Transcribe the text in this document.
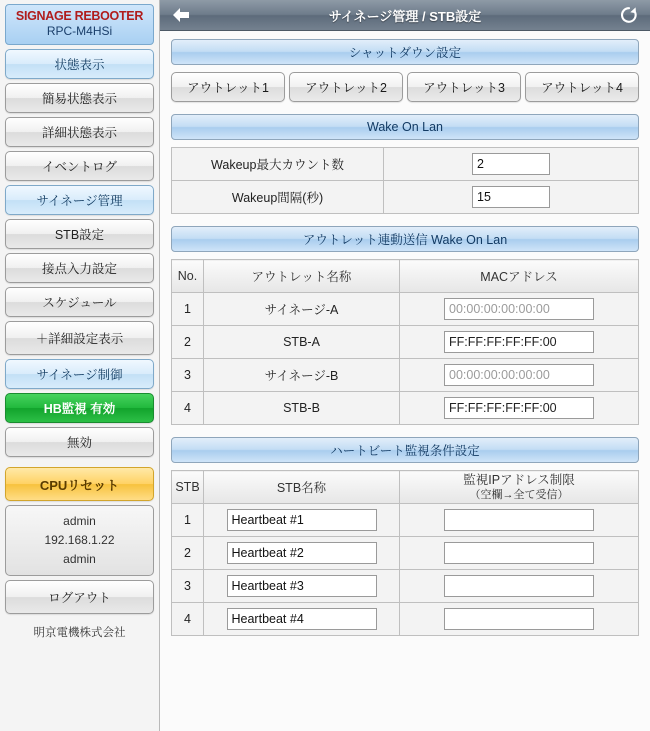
SIGNAGE REBOOTER
RPC-M4HSi
状態表示
簡易状態表示
詳細状態表示
イベントログ
サイネージ管理
STB設定
接点入力設定
スケジュール
＋詳細設定表示
サイネージ制御
HB監視 有効
無効
CPUリセット
admin
192.168.1.22
admin
ログアウト
明京電機株式会社
サイネージ管理 / STB設定
シャットダウン設定
アウトレット1	アウトレット2	アウトレット3	アウトレット4
Wake On Lan
Wakeup最大カウント数	2
Wakeup間隔(秒)	15
アウトレット連動送信 Wake On Lan
No.	アウトレット名称	MACアドレス
1	サイネージ-A	00:00:00:00:00:00
2	STB-A	FF:FF:FF:FF:FF:00
3	サイネージ-B	00:00:00:00:00:00
4	STB-B	FF:FF:FF:FF:FF:00
ハートビート監視条件設定
STB	STB名称	監視IPアドレス制限
（空欄→全て受信）

1	Heartbeat #1	
2	Heartbeat #2	
3	Heartbeat #3	
4	Heartbeat #4	
